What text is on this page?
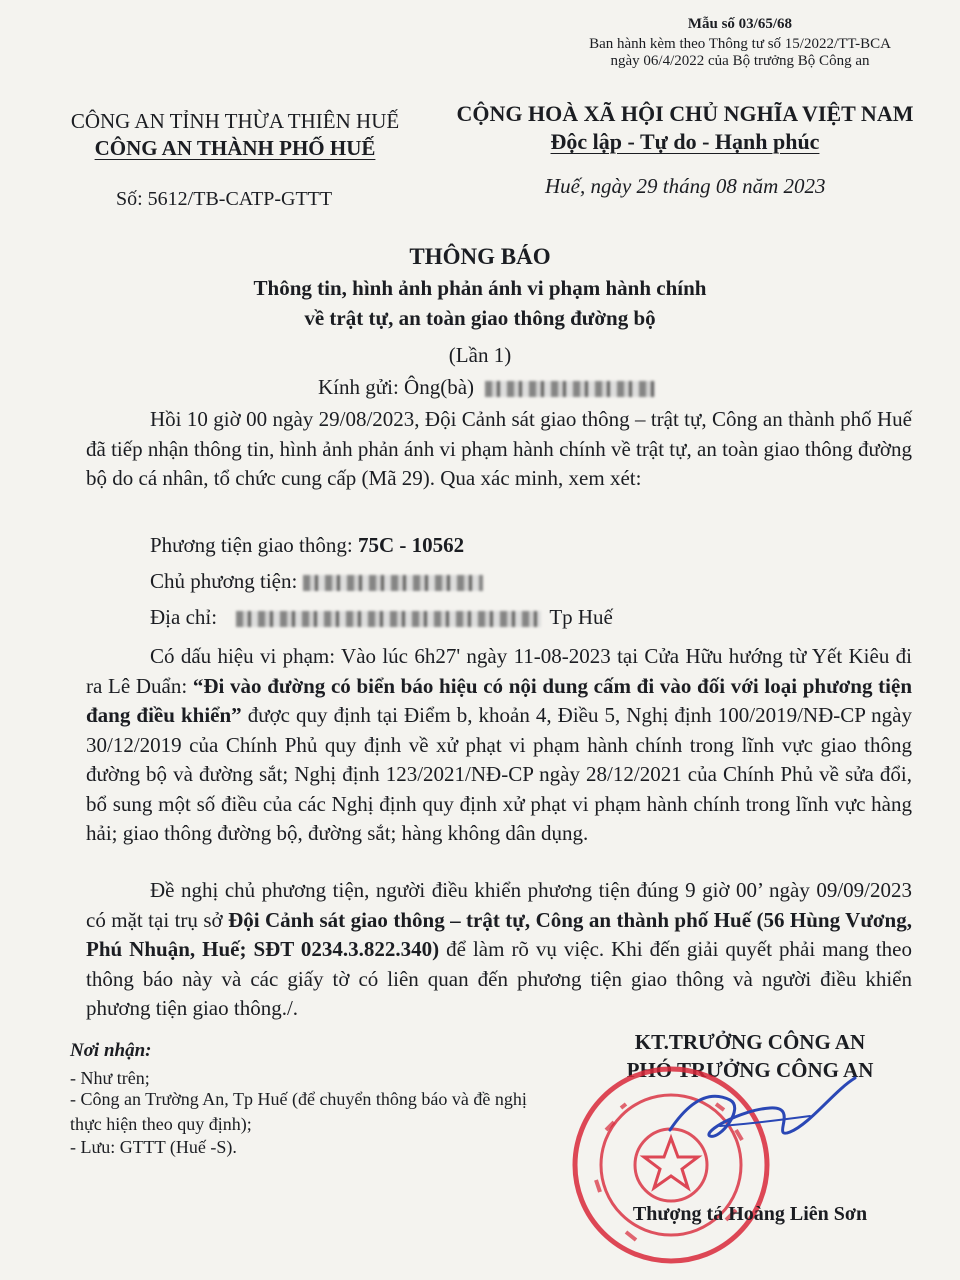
Mẫu số 03/65/68
Ban hành kèm theo Thông tư số 15/2022/TT-BCA
ngày 06/4/2022 của Bộ trưởng Bộ Công an
CÔNG AN TỈNH THỪA THIÊN HUẾ
CÔNG AN THÀNH PHỐ HUẾ
CỘNG HOÀ XÃ HỘI CHỦ NGHĨA VIỆT NAM
Độc lập - Tự do - Hạnh phúc
Số: 5612/TB-CATP-GTTT
Huế, ngày 29 tháng 08 năm 2023
THÔNG BÁO
Thông tin, hình ảnh phản ánh vi phạm hành chính
về trật tự, an toàn giao thông đường bộ
(Lần 1)
Kính gửi: Ông(bà)
Hồi 10 giờ 00 ngày 29/08/2023, Đội Cảnh sát giao thông – trật tự, Công an thành phố Huế đã tiếp nhận thông tin, hình ảnh phản ánh vi phạm hành chính về trật tự, an toàn giao thông đường bộ do cá nhân, tổ chức cung cấp (Mã 29). Qua xác minh, xem xét:
Phương tiện giao thông: 75C - 10562
Chủ phương tiện:
Địa chỉ:	Tp Huế
Có dấu hiệu vi phạm: Vào lúc 6h27' ngày 11-08-2023 tại Cửa Hữu hướng từ Yết Kiêu đi ra Lê Duẩn: “Đi vào đường có biển báo hiệu có nội dung cấm đi vào đối với loại phương tiện đang điều khiển” được quy định tại Điểm b, khoản 4, Điều 5, Nghị định 100/2019/NĐ-CP ngày 30/12/2019 của Chính Phủ quy định về xử phạt vi phạm hành chính trong lĩnh vực giao thông đường bộ và đường sắt; Nghị định 123/2021/NĐ-CP ngày 28/12/2021 của Chính Phủ về sửa đổi, bổ sung một số điều của các Nghị định quy định xử phạt vi phạm hành chính trong lĩnh vực hàng hải; giao thông đường bộ, đường sắt; hàng không dân dụng.
Đề nghị chủ phương tiện, người điều khiển phương tiện đúng 9 giờ 00’ ngày 09/09/2023 có mặt tại trụ sở Đội Cảnh sát giao thông – trật tự, Công an thành phố Huế (56 Hùng Vương, Phú Nhuận, Huế; SĐT 0234.3.822.340) để làm rõ vụ việc. Khi đến giải quyết phải mang theo thông báo này và các giấy tờ có liên quan đến phương tiện giao thông và người điều khiển phương tiện giao thông./.
Nơi nhận:
- Như trên;
- Công an Trường An, Tp Huế (để chuyển thông báo và đề nghị thực hiện theo quy định);
- Lưu: GTTT (Huế -S).
KT.TRƯỞNG CÔNG AN
PHÓ TRƯỞNG CÔNG AN
Thượng tá Hoàng Liên Sơn
